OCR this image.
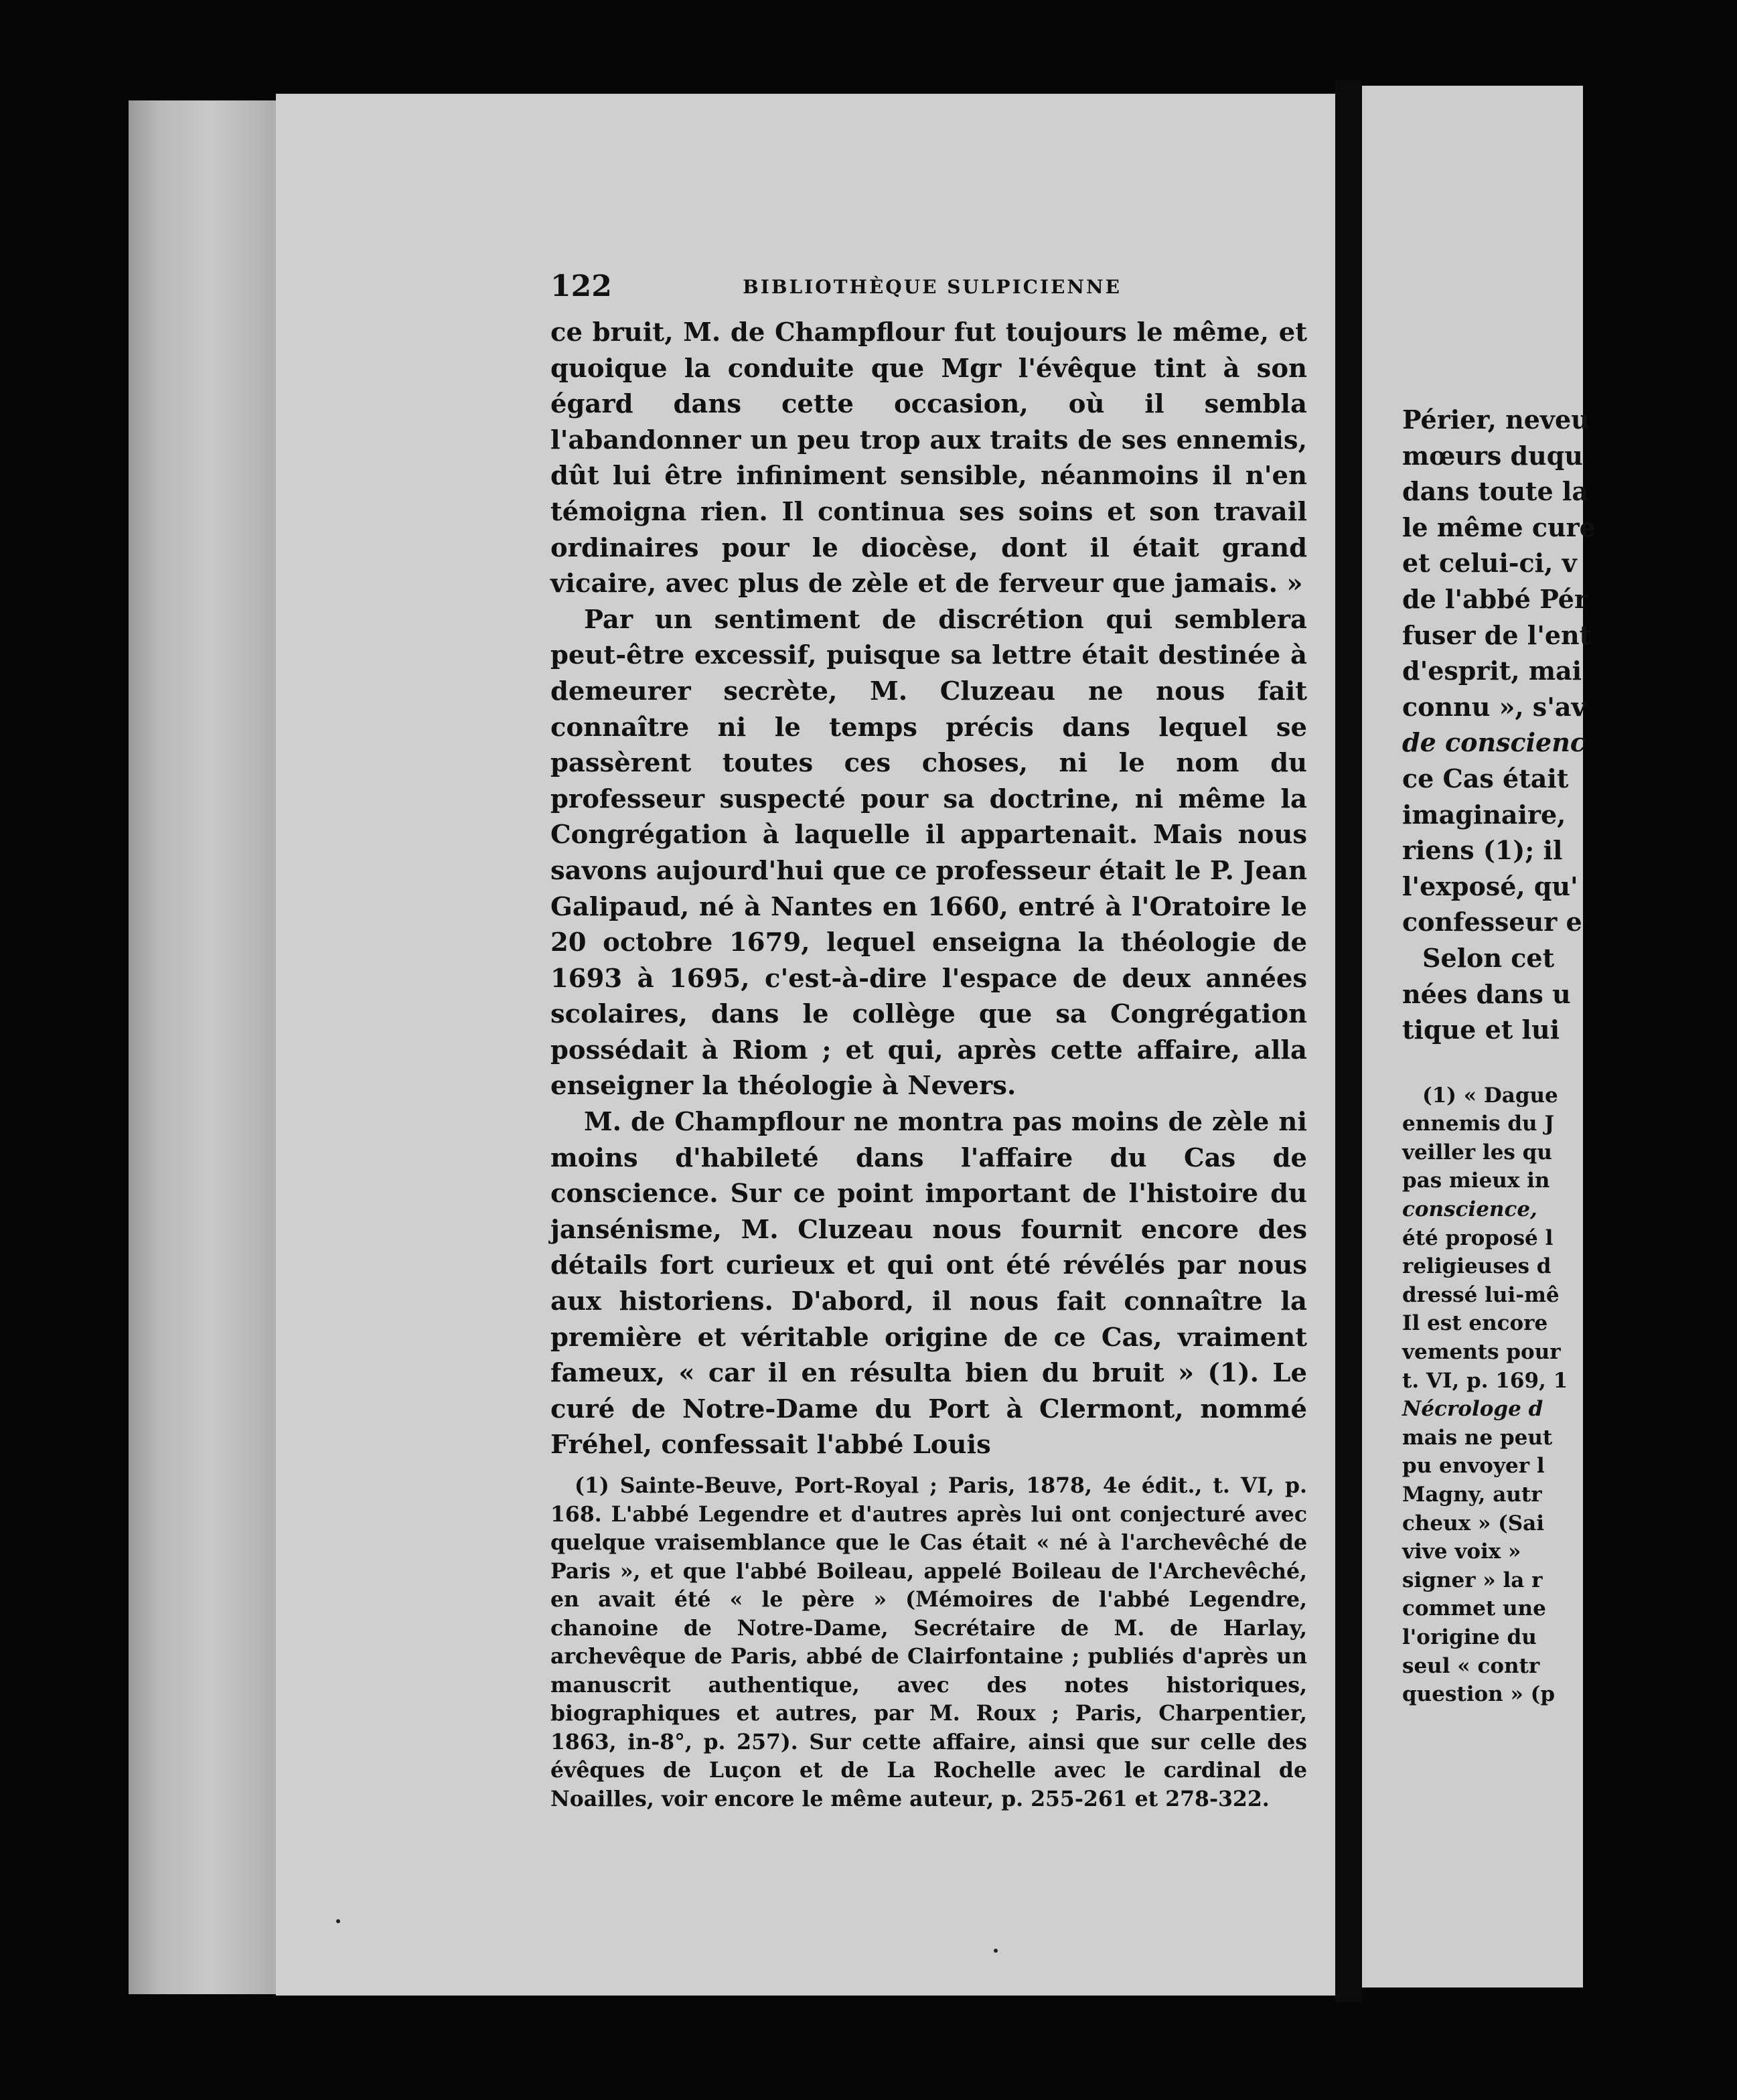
122	BIBLIOTHÈQUE SULPICIENNE

ce bruit, M. de Champflour fut toujours le même, et quoique la conduite que Mgr l'évêque tint à son égard dans cette occasion, où il sembla l'abandonner un peu trop aux traits de ses ennemis, dût lui être infiniment sensible, néanmoins il n'en témoigna rien. Il continua ses soins et son travail ordinaires pour le diocèse, dont il était grand vicaire, avec plus de zèle et de ferveur que jamais. »

Par un sentiment de discrétion qui semblera peut-être excessif, puisque sa lettre était destinée à demeurer secrète, M. Cluzeau ne nous fait connaître ni le temps précis dans lequel se passèrent toutes ces choses, ni le nom du professeur suspecté pour sa doctrine, ni même la Congrégation à laquelle il appartenait. Mais nous savons aujourd'hui que ce professeur était le P. Jean Galipaud, né à Nantes en 1660, entré à l'Oratoire le 20 octobre 1679, lequel enseigna la théologie de 1693 à 1695, c'est-à-dire l'espace de deux années scolaires, dans le collège que sa Congrégation possédait à Riom ; et qui, après cette affaire, alla enseigner la théologie à Nevers.

M. de Champflour ne montra pas moins de zèle ni moins d'habileté dans l'affaire du Cas de conscience. Sur ce point important de l'histoire du jansénisme, M. Cluzeau nous fournit encore des détails fort curieux et qui ont été révélés par nous aux historiens. D'abord, il nous fait connaître la première et véritable origine de ce Cas, vraiment fameux, « car il en résulta bien du bruit » (1). Le curé de Notre-Dame du Port à Clermont, nommé Fréhel, confessait l'abbé Louis

(1) Sainte-Beuve, Port-Royal ; Paris, 1878, 4e édit., t. VI, p. 168. L'abbé Legendre et d'autres après lui ont conjecturé avec quelque vraisemblance que le Cas était « né à l'archevêché de Paris », et que l'abbé Boileau, appelé Boileau de l'Archevêché, en avait été « le père » (Mémoires de l'abbé Legendre, chanoine de Notre-Dame, Secrétaire de M. de Harlay, archevêque de Paris, abbé de Clairfontaine ; publiés d'après un manuscrit authentique, avec des notes historiques, biographiques et autres, par M. Roux ; Paris, Charpentier, 1863, in-8°, p. 257). Sur cette affaire, ainsi que sur celle des évêques de Luçon et de La Rochelle avec le cardinal de Noailles, voir encore le même auteur, p. 255-261 et 278-322.

Périer, neveu
mœurs duqu
dans toute la
le même cure
et celui-ci, v
de l'abbé Pér
fuser de l'ent
d'esprit, mai
connu », s'av
de conscienc
ce Cas était
imaginaire,
riens (1); il
l'exposé, qu'
confesseur e
Selon cet
nées dans u
tique et lui
(1) « Dague
ennemis du J
veiller les qu
pas mieux in
conscience,
été proposé l
religieuses d
dressé lui-mê
Il est encore
vements pour
t. VI, p. 169, 1
Nécrologe d
mais ne peut
pu envoyer l
Magny, autr
cheux » (Sai
vive voix »
signer » la r
commet une
l'origine du
seul « contr
question » (p
